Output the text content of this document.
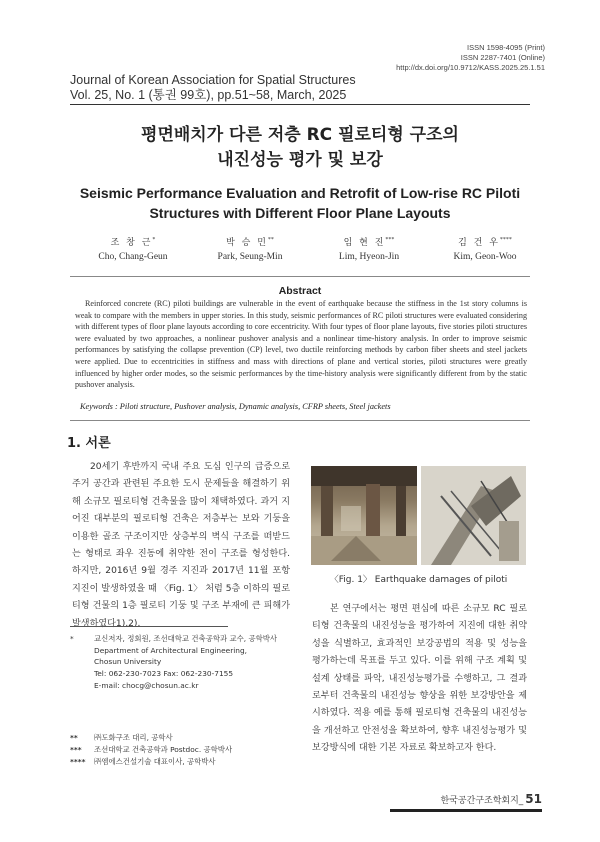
ISSN 1598-4095 (Print)
ISSN 2287-7401 (Online)
http://dx.doi.org/10.9712/KASS.2025.25.1.51
Journal of Korean Association for Spatial Structures
Vol. 25, No. 1 (통권 99호), pp.51~58, March, 2025
평면배치가 다른 저층 RC 필로티형 구조의
내진성능 평가 및 보강
Seismic Performance Evaluation and Retrofit of Low-rise RC Piloti
Structures with Different Floor Plane Layouts
조 창 근*
Cho, Chang-Geun
박 승 민**
Park, Seung-Min
임 현 진***
Lim, Hyeon-Jin
김 건 우****
Kim, Geon-Woo
Abstract
Reinforced concrete (RC) piloti buildings are vulnerable in the event of earthquake because the stiffness in the 1st story columns is weak to compare with the members in upper stories. In this study, seismic performances of RC piloti structures were evaluated considering with different types of floor plane layouts according to core eccentricity. With four types of floor plane layouts, five stories piloti structures were evaluated by two approaches, a nonlinear pushover analysis and a nonlinear time-history analysis. In order to improve seismic performances by satisfying the collapse prevention (CP) level, two ductile reinforcing methods by carbon fiber sheets and steel jackets were applied. Due to eccentricities in stiffness and mass with directions of plane and vertical stories, piloti structures were greatly influenced by higher order modes, so the seismic performances by the time-history analysis were significantly different from by the static pushover analysis.
Keywords : Piloti structure, Pushover analysis, Dynamic analysis, CFRP sheets, Steel jackets
1. 서론
20세기 후반까지 국내 주요 도심 인구의 급증으로 주거 공간과 관련된 주요한 도시 문제들을 해결하기 위해 소규모 필로티형 건축물을 많이 채택하였다. 과거 지어진 대부분의 필로티형 건축은 저층부는 보와 기둥을 이용한 골조 구조이지만 상층부의 벽식 구조를 떠받드는 형태로 좌우 진동에 취약한 전이 구조를 형성한다. 하지만, 2016년 9월 경주 지진과 2017년 11월 포항 지진이 발생하였을 때 〈Fig. 1〉 처럼 5층 이하의 필로티형 건물의 1층 필로티 기둥 및 구조 부재에 큰 피해가 발생하였다1),2).
〈Fig. 1〉 Earthquake damages of piloti
본 연구에서는 평면 편심에 따른 소규모 RC 필로티형 건축물의 내진성능을 평가하여 지진에 대한 취약성을 식별하고, 효과적인 보강공법의 적용 및 성능을 평가하는데 목표를 두고 있다. 이를 위해 구조 계획 및 설계 상태를 파악, 내진성능평가를 수행하고, 그 결과로부터 건축물의 내진성능 향상을 위한 보강방안을 제시하였다. 적용 예를 통해 필로티형 건축물의 내진성능을 개선하고 안전성을 확보하여, 향후 내진성능평가 및 보강방식에 대한 기본 자료로 확보하고자 한다.
*	교신저자, 정회원, 조선대학교 건축공학과 교수, 공학박사
Department of Architectural Engineering,
Chosun University
Tel: 062-230-7023 Fax: 062-230-7155
E-mail: chocg@chosun.ac.kr
**	㈜도화구조 대리, 공학사
***	조선대학교 건축공학과 Postdoc. 공학박사
****	㈜엠에스건설기술 대표이사, 공학박사
한국공간구조학회지_ 51
